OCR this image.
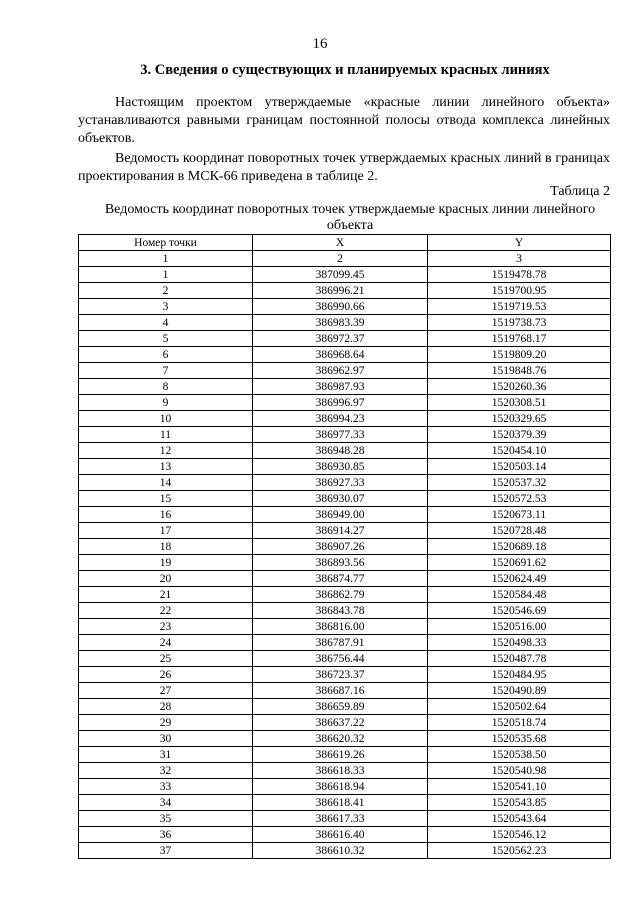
16
3. Сведения о существующих и планируемых красных линиях
Настоящим проектом утверждаемые «красные линии линейного объекта» устанавливаются равными границам постоянной полосы отвода комплекса линейных объектов.
Ведомость координат поворотных точек утверждаемых красных линий в границах проектирования в МСК-66 приведена в таблице 2.
Таблица 2
Ведомость координат поворотных точек утверждаемые красных линии линейного объекта
Номер точки	X	Y
1	2	3
1	387099.45	1519478.78
2	386996.21	1519700.95
3	386990.66	1519719.53
4	386983.39	1519738.73
5	386972.37	1519768.17
6	386968.64	1519809.20
7	386962.97	1519848.76
8	386987.93	1520260.36
9	386996.97	1520308.51
10	386994.23	1520329.65
11	386977.33	1520379.39
12	386948.28	1520454.10
13	386930.85	1520503.14
14	386927.33	1520537.32
15	386930.07	1520572.53
16	386949.00	1520673.11
17	386914.27	1520728.48
18	386907.26	1520689.18
19	386893.56	1520691.62
20	386874.77	1520624.49
21	386862.79	1520584.48
22	386843.78	1520546.69
23	386816.00	1520516.00
24	386787.91	1520498.33
25	386756.44	1520487.78
26	386723.37	1520484.95
27	386687.16	1520490.89
28	386659.89	1520502.64
29	386637.22	1520518.74
30	386620.32	1520535.68
31	386619.26	1520538.50
32	386618.33	1520540.98
33	386618.94	1520541.10
34	386618.41	1520543.85
35	386617.33	1520543.64
36	386616.40	1520546.12
37	386610.32	1520562.23
